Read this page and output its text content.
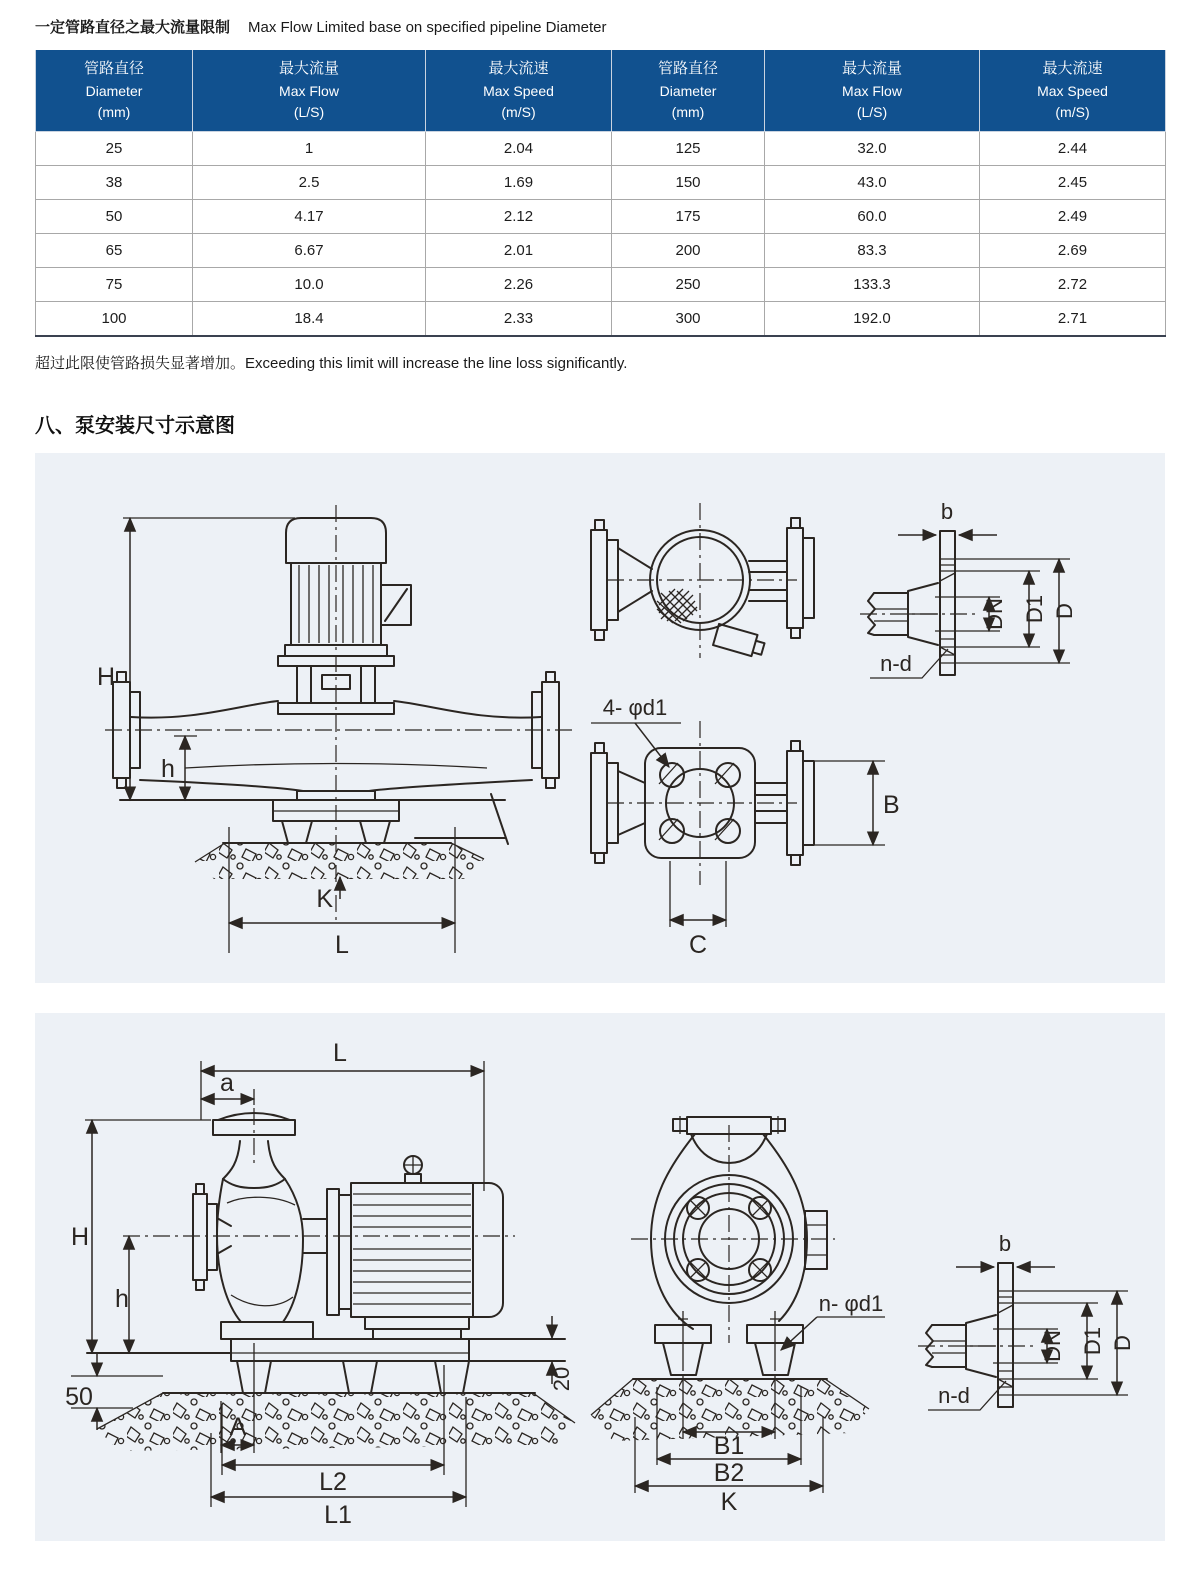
一定管路直径之最大流量限制 Max Flow Limited base on specified pipeline Diameter
管路直径
Diameter
(mm)	最大流量
Max Flow
(L/S)	最大流速
Max Speed
(m/S)	管路直径
Diameter
(mm)	最大流量
Max Flow
(L/S)	最大流速
Max Speed
(m/S)

25	1	2.04	125	32.0	2.44
38	2.5	1.69	150	43.0	2.45
50	4.17	2.12	175	60.0	2.49
65	6.67	2.01	200	83.3	2.69
75	10.0	2.26	250	133.3	2.72
100	18.4	2.33	300	192.0	2.71

超过此限使管路损失显著增加。Exceeding this limit will increase the line loss significantly.

八、泵安装尺寸示意图
DN D1 D
H
h
K
L
4- φd1
B
C
L
a
H
h
50
20
A
L2
L1
n- φd1
B1
B2
K
